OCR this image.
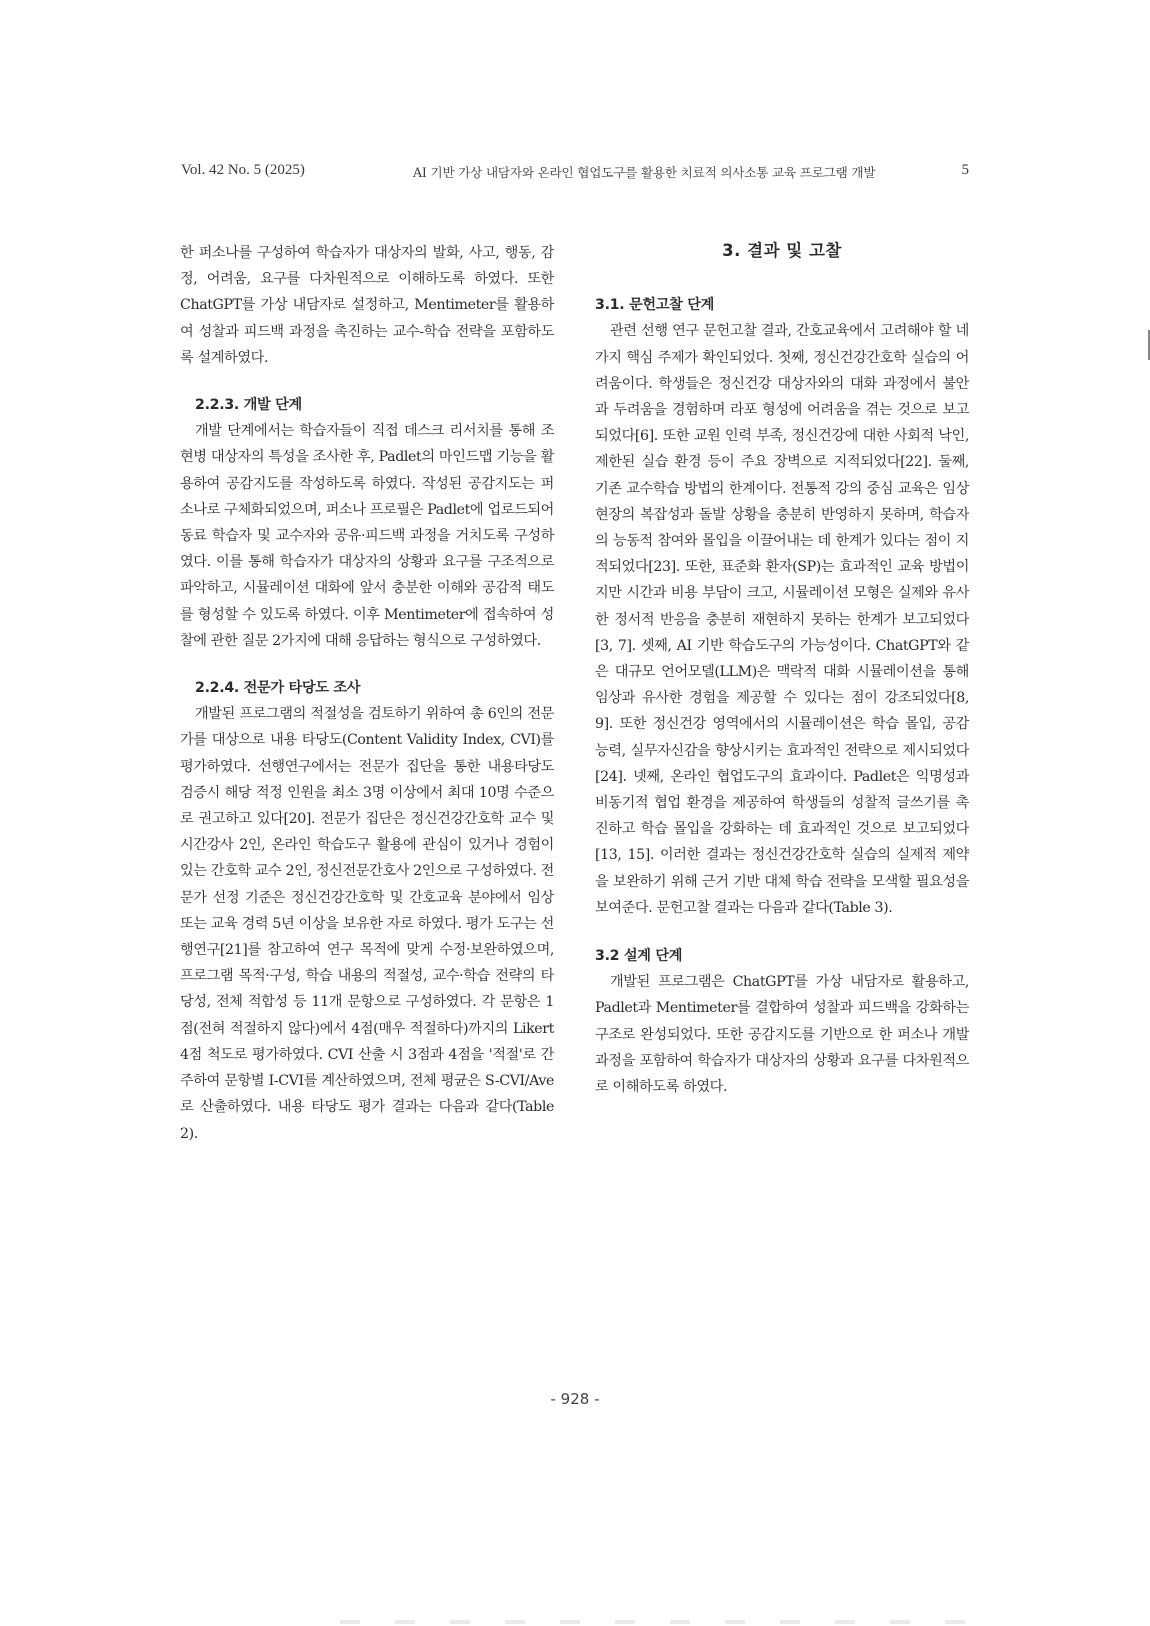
Vol. 42 No. 5 (2025)	AI 기반 가상 내담자와 온라인 협업도구를 활용한 치료적 의사소통 교육 프로그램 개발	5

한 퍼소나를 구성하여 학습자가 대상자의 발화, 사고, 행동, 감정, 어려움, 요구를 다차원적으로 이해하도록 하였다. 또한 ChatGPT를 가상 내담자로 설정하고, Mentimeter를 활용하여 성찰과 피드백 과정을 촉진하는 교수-학습 전략을 포함하도록 설계하였다.

2.2.3. 개발 단계

개발 단계에서는 학습자들이 직접 데스크 리서치를 통해 조현병 대상자의 특성을 조사한 후, Padlet의 마인드맵 기능을 활용하여 공감지도를 작성하도록 하였다. 작성된 공감지도는 퍼소나로 구체화되었으며, 퍼소나 프로필은 Padlet에 업로드되어 동료 학습자 및 교수자와 공유·피드백 과정을 거치도록 구성하였다. 이를 통해 학습자가 대상자의 상황과 요구를 구조적으로 파악하고, 시뮬레이션 대화에 앞서 충분한 이해와 공감적 태도를 형성할 수 있도록 하였다. 이후 Mentimeter에 접속하여 성찰에 관한 질문 2가지에 대해 응답하는 형식으로 구성하였다.

2.2.4. 전문가 타당도 조사

개발된 프로그램의 적절성을 검토하기 위하여 총 6인의 전문가를 대상으로 내용 타당도(Content Validity Index, CVI)를 평가하였다. 선행연구에서는 전문가 집단을 통한 내용타당도 검증시 해당 적정 인원을 최소 3명 이상에서 최대 10명 수준으로 권고하고 있다[20]. 전문가 집단은 정신건강간호학 교수 및 시간강사 2인, 온라인 학습도구 활용에 관심이 있거나 경험이 있는 간호학 교수 2인, 정신전문간호사 2인으로 구성하였다. 전문가 선정 기준은 정신건강간호학 및 간호교육 분야에서 임상 또는 교육 경력 5년 이상을 보유한 자로 하였다. 평가 도구는 선행연구[21]를 참고하여 연구 목적에 맞게 수정·보완하였으며, 프로그램 목적·구성, 학습 내용의 적절성, 교수·학습 전략의 타당성, 전체 적합성 등 11개 문항으로 구성하였다. 각 문항은 1점(전혀 적절하지 않다)에서 4점(매우 적절하다)까지의 Likert 4점 척도로 평가하였다. CVI 산출 시 3점과 4점을 '적절'로 간주하여 문항별 I-CVI를 계산하였으며, 전체 평균은 S-CVI/Ave로 산출하였다. 내용 타당도 평가 결과는 다음과 같다(Table 2).

3. 결과 및 고찰

3.1. 문헌고찰 단계

관련 선행 연구 문헌고찰 결과, 간호교육에서 고려해야 할 네 가지 핵심 주제가 확인되었다. 첫째, 정신건강간호학 실습의 어려움이다. 학생들은 정신건강 대상자와의 대화 과정에서 불안과 두려움을 경험하며 라포 형성에 어려움을 겪는 것으로 보고되었다[6]. 또한 교원 인력 부족, 정신건강에 대한 사회적 낙인, 제한된 실습 환경 등이 주요 장벽으로 지적되었다[22]. 둘째, 기존 교수학습 방법의 한계이다. 전통적 강의 중심 교육은 임상 현장의 복잡성과 돌발 상황을 충분히 반영하지 못하며, 학습자의 능동적 참여와 몰입을 이끌어내는 데 한계가 있다는 점이 지적되었다[23]. 또한, 표준화 환자(SP)는 효과적인 교육 방법이지만 시간과 비용 부담이 크고, 시뮬레이션 모형은 실제와 유사한 정서적 반응을 충분히 재현하지 못하는 한계가 보고되었다[3, 7]. 셋째, AI 기반 학습도구의 가능성이다. ChatGPT와 같은 대규모 언어모델(LLM)은 맥락적 대화 시뮬레이션을 통해 임상과 유사한 경험을 제공할 수 있다는 점이 강조되었다[8, 9]. 또한 정신건강 영역에서의 시뮬레이션은 학습 몰입, 공감 능력, 실무자신감을 향상시키는 효과적인 전략으로 제시되었다[24]. 넷째, 온라인 협업도구의 효과이다. Padlet은 익명성과 비동기적 협업 환경을 제공하여 학생들의 성찰적 글쓰기를 촉진하고 학습 몰입을 강화하는 데 효과적인 것으로 보고되었다[13, 15]. 이러한 결과는 정신건강간호학 실습의 실제적 제약을 보완하기 위해 근거 기반 대체 학습 전략을 모색할 필요성을 보여준다. 문헌고찰 결과는 다음과 같다(Table 3).

3.2 설계 단계

개발된 프로그램은 ChatGPT를 가상 내담자로 활용하고, Padlet과 Mentimeter를 결합하여 성찰과 피드백을 강화하는 구조로 완성되었다. 또한 공감지도를 기반으로 한 퍼소나 개발 과정을 포함하여 학습자가 대상자의 상황과 요구를 다차원적으로 이해하도록 하였다.

- 928 -
